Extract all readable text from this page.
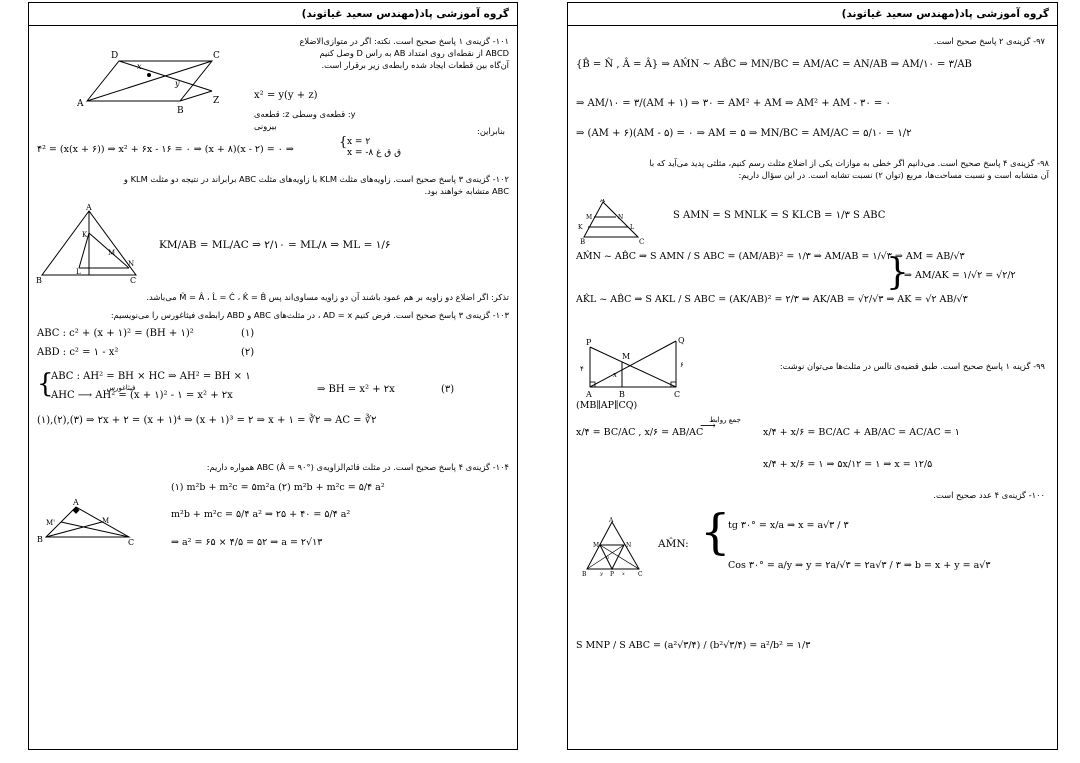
گروه آموزشی پاد(مهندس سعید غیاثوند)
D	C
A
B
Z
x
y
۱۰۱- گزینه‌ی ۱ پاسخ صحیح است. نکته: اگر در متوازی‌الاضلاع
ABCD از نقطه‌ای روی امتداد AB به راس D وصل کنیم
آن‌گاه بین قطعات ایجاد شده رابطه‌ی زیر برقرار است.
x² = y(y + z)
y: قطعه‌ی وسطی z: قطعه‌ی بیرونی	بنابراین:
۴² = (x(x + ۶)) ⇒ x² + ۶x - ۱۶ = ۰ ⇒ (x + ۸)(x - ۲) = ۰ ⇒	{ x = ۲
x = -۸ ق ق غ
۱۰۲- گزینه‌ی ۳ پاسخ صحیح است. زاویه‌های مثلث KLM با زاویه‌های مثلث ABC برابراند در نتیجه دو مثلث KLM و
ABC متشابه خواهند بود.
A
B	C
K
L
M
N
KM/AB = ML/AC ⇒ ۲/۱۰ = ML/۸ ⇒ ML = ۱/۶
تذکر: اگر اضلاع دو زاویه بر هم عمود باشند آن دو زاویه مساوی‌اند پس M̂ = Â ، L̂ = Ĉ ، K̂ = B̂ می‌باشد.
۱۰۳- گزینه‌ی ۳ پاسخ صحیح است. فرض کنیم AD = x ، در مثلث‌های ABC و ABD رابطه‌ی فیثاغورس را می‌نویسیم:
ABC : c² + (x + ۱)² = (BH + ۱)²	(۱)
ABD : c² = ۱ - x²	(۲)
{
ABC : AH² = BH × HC ⇒ AH² = BH × ۱
فیثاغورس
AHC ⟶ AH² = (x + ۱)² - ۱ = x² + ۲x
⇒ BH = x² + ۲x	(۳)
(۱),(۲),(۳) ⇒ ۲x + ۲ = (x + ۱)⁴ ⇒ (x + ۱)³ = ۲ ⇒ x + ۱ = ∛۲ ⇒ AC = ∛۲
۱۰۴- گزینه‌ی ۴ پاسخ صحیح است. در مثلث قائم‌الزاویه‌ی ABC (Â = ۹۰°) همواره داریم:
(۱) m²b + m²c = ۵m²a (۲) m²b + m²c = ۵/۴ a²
m²b + m²c = ۵/۴ a² ⇒ ۲۵ + ۴۰ = ۵/۴ a²
⇒ a² = ۶۵ × ۴/۵ = ۵۲ ⇒ a = ۲√۱۳
A
B	C
M
M'
گروه آموزشی پاد(مهندس سعید غیاثوند)
۹۷- گزینه‌ی ۲ پاسخ صحیح است.
{B̂ = N̂ , Â = Â} ⇒ AM̂N ~ AB̂C ⇒ MN/BC = AM/AC = AN/AB ⇒ AM/۱۰ = ۳/AB
⇒ AM/۱۰ = ۳/(AM + ۱) ⇒ ۳۰ = AM² + AM ⇒ AM² + AM - ۳۰ = ۰
⇒ (AM + ۶)(AM - ۵) = ۰ ⇒ AM = ۵ ⇒ MN/BC = AM/AC = ۵/۱۰ = ۱/۲
۹۸- گزینه‌ی ۴ پاسخ صحیح است. می‌دانیم اگر خطی به موازات یکی از اضلاع مثلث رسم کنیم، مثلثی پدید می‌آید که با
آن متشابه است و نسبت مساحت‌ها، مربع (توان ۲) نسبت تشابه است. در این سؤال داریم:
A
M	N
K	L
B	C
S AMN = S MNLK = S KLCB = ۱/۳ S ABC
AM̂N ~ AB̂C ⇒ S AMN / S ABC = (AM/AB)² = ۱/۳ ⇒ AM/AB = ۱/√۳ ⇒ AM = AB/√۳
AK̂L ~ AB̂C ⇒ S AKL / S ABC = (AK/AB)² = ۲/۳ ⇒ AK/AB = √۲/√۳ ⇒ AK = √۲ AB/√۳
}
⇒ AM/AK = ۱/√۲ = √۲/۲
۹۹- گزینه ۱ پاسخ صحیح است. طبق قضیه‌ی تالس در مثلث‌ها می‌توان نوشت:
P	Q
M
x
۴	۶
A	B	C
(MB∥AP∥CQ)
x/۴ = BC/AC , x/۶ = AB/AC
جمع روابط
⟶
x/۴ + x/۶ = BC/AC + AB/AC = AC/AC = ۱
x/۴ + x/۶ = ۱ ⇒ ۵x/۱۲ = ۱ ⇒ x = ۱۲/۵
۱۰۰- گزینه‌ی ۴ عدد صحیح است.
A
B	C
M	N
P
y	x
a
AM̂N: {
tg ۳۰° = x/a ⇒ x = a√۳ / ۳
Cos ۳۰° = a/y ⇒ y = ۲a/√۳ = ۲a√۳ / ۳ ⇒ b = x + y = a√۳
S MNP / S ABC = (a²√۳/۴) / (b²√۳/۴) = a²/b² = ۱/۳
